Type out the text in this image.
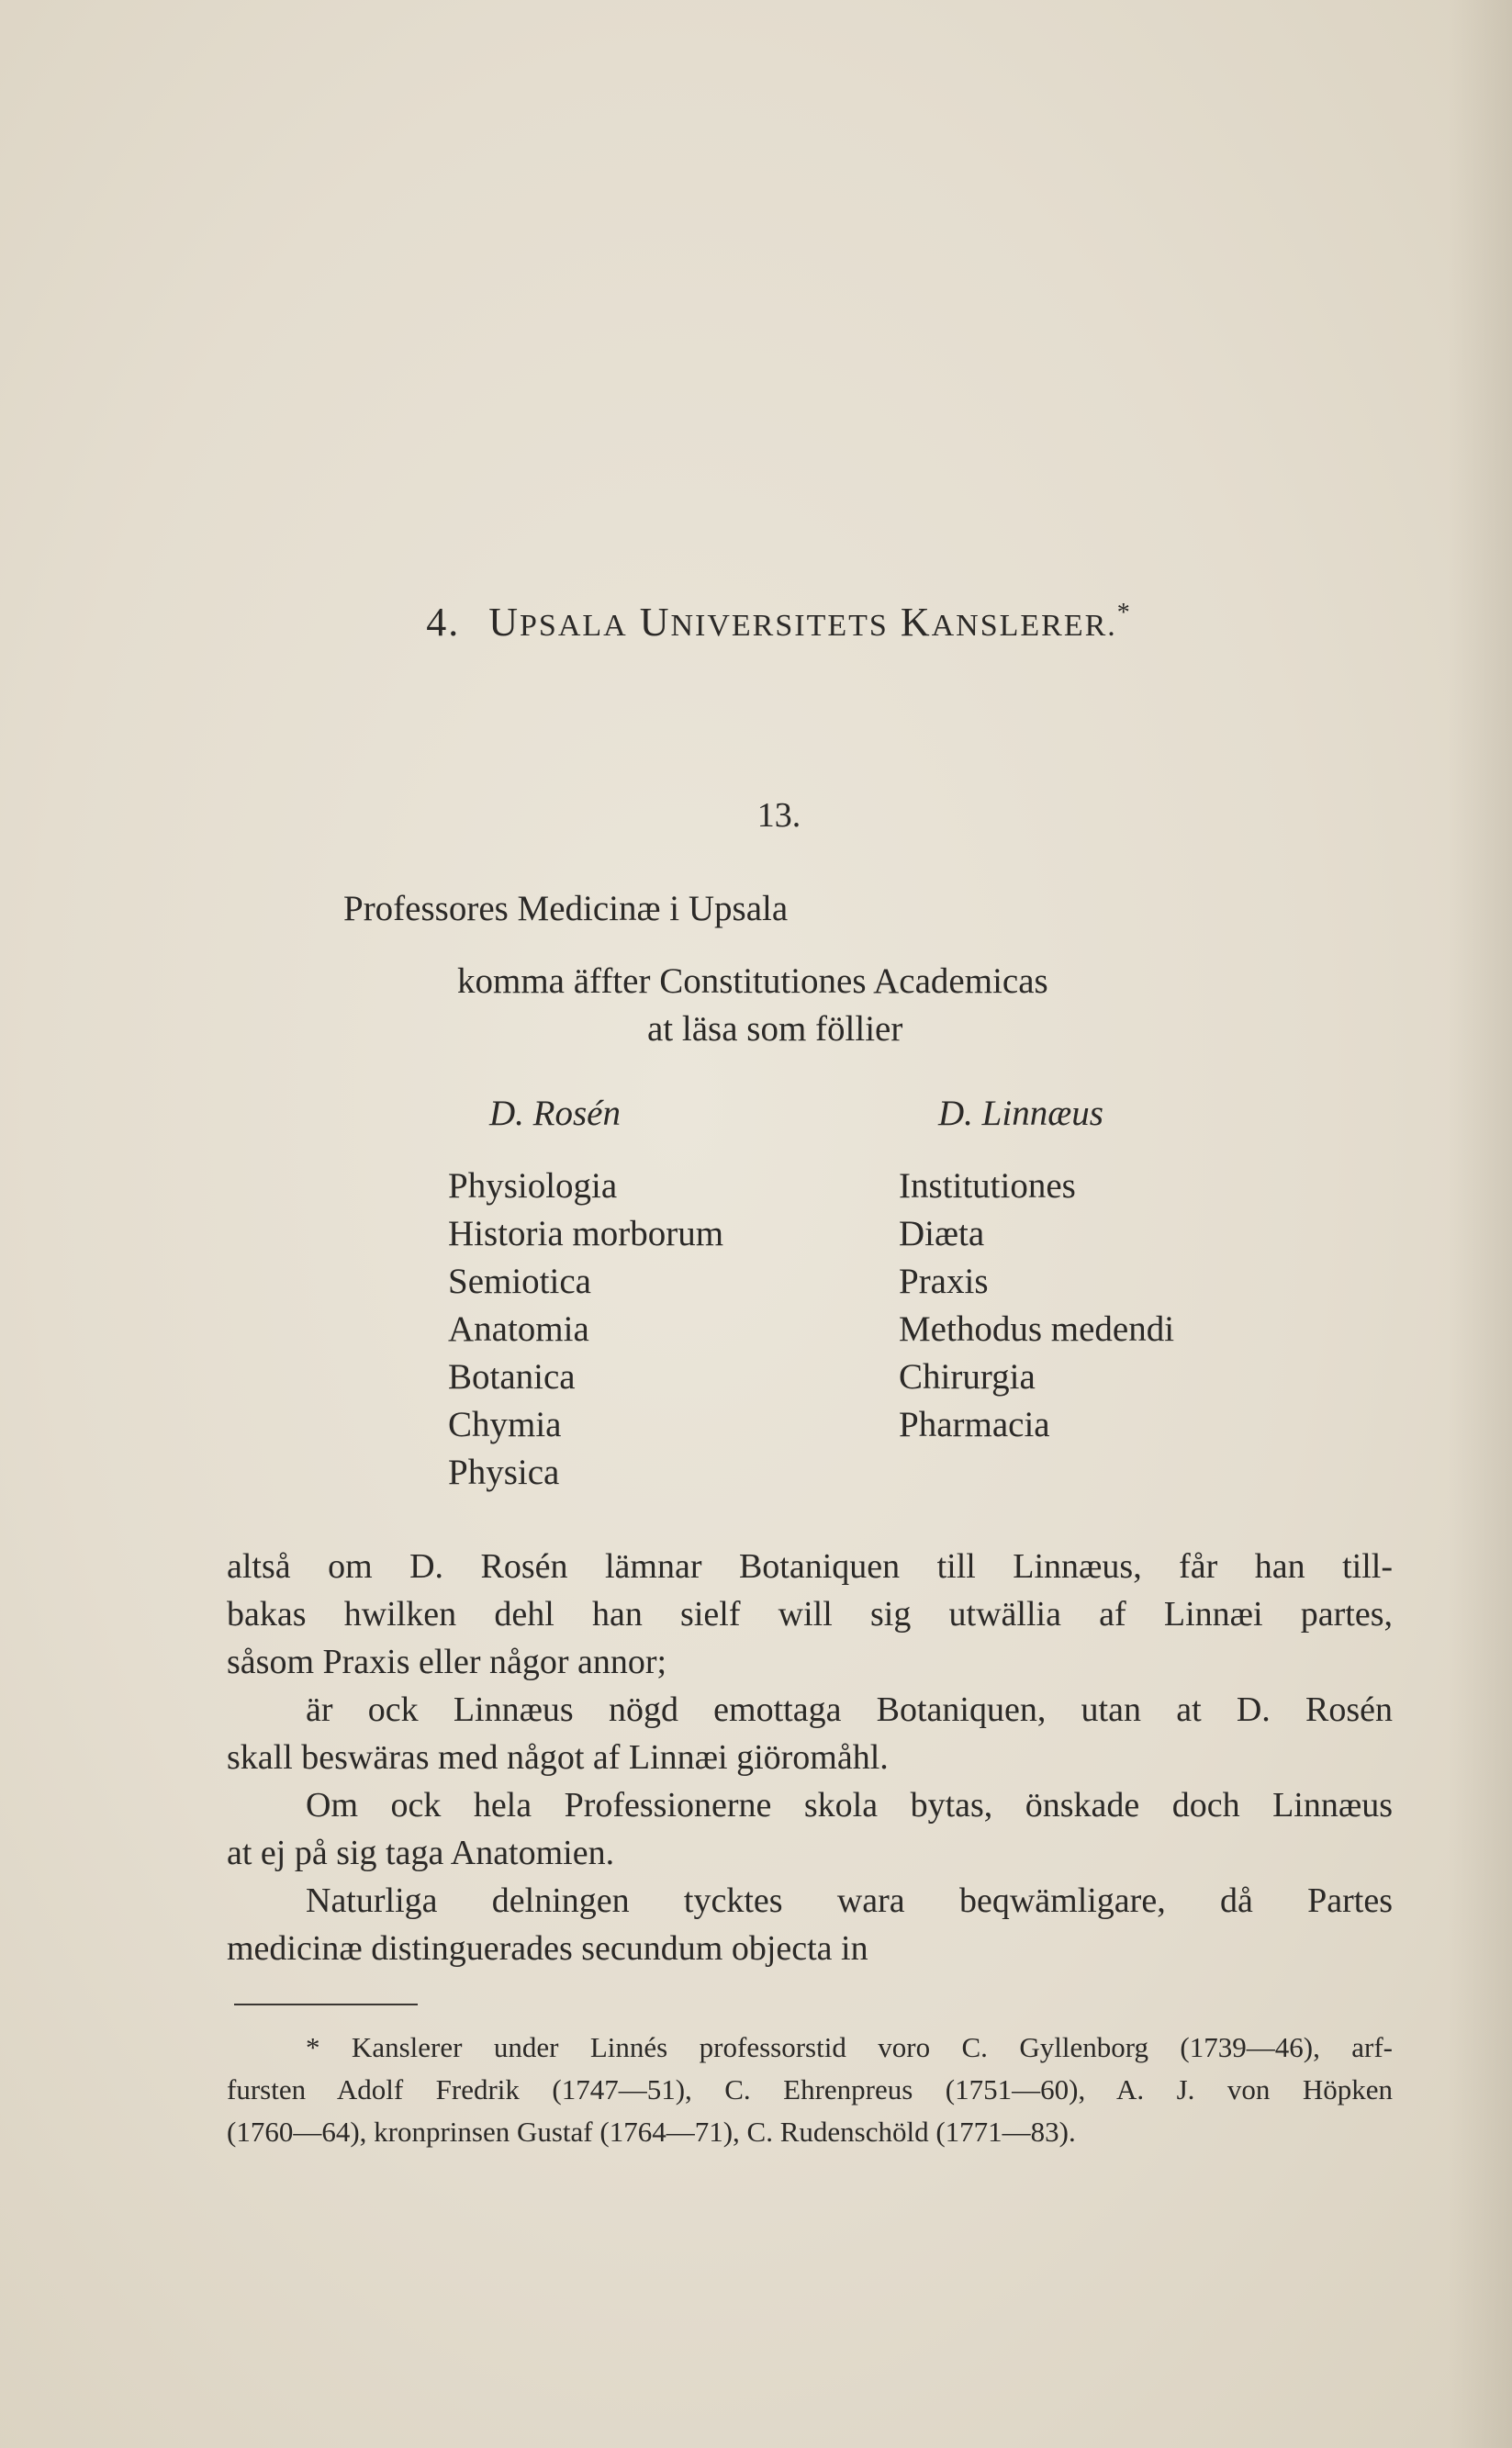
4. UPSALA UNIVERSITETS KANSLERER.*
13.
Professores Medicinæ i Upsala
komma äffter Constitutiones Academicas
at läsa som föllier
D. Rosén	D. Linnæus
Physiologia
Historia morborum
Semiotica
Anatomia
Botanica
Chymia
Physica
Institutiones
Diæta
Praxis
Methodus medendi
Chirurgia
Pharmacia
altså om D. Rosén lämnar Botaniquen till Linnæus, får han till-
bakas hwilken dehl han sielf will sig utwällia af Linnæi partes,
såsom Praxis eller någor annor;
är ock Linnæus nögd emottaga Botaniquen, utan at D. Rosén
skall beswäras med något af Linnæi giöromåhl.
Om ock hela Professionerne skola bytas, önskade doch Linnæus
at ej på sig taga Anatomien.
Naturliga delningen tycktes wara beqwämligare, då Partes
medicinæ distinguerades secundum objecta in
* Kanslerer under Linnés professorstid voro C. Gyllenborg (1739—46), arf-
fursten Adolf Fredrik (1747—51), C. Ehrenpreus (1751—60), A. J. von Höpken
(1760—64), kronprinsen Gustaf (1764—71), C. Rudenschöld (1771—83).
